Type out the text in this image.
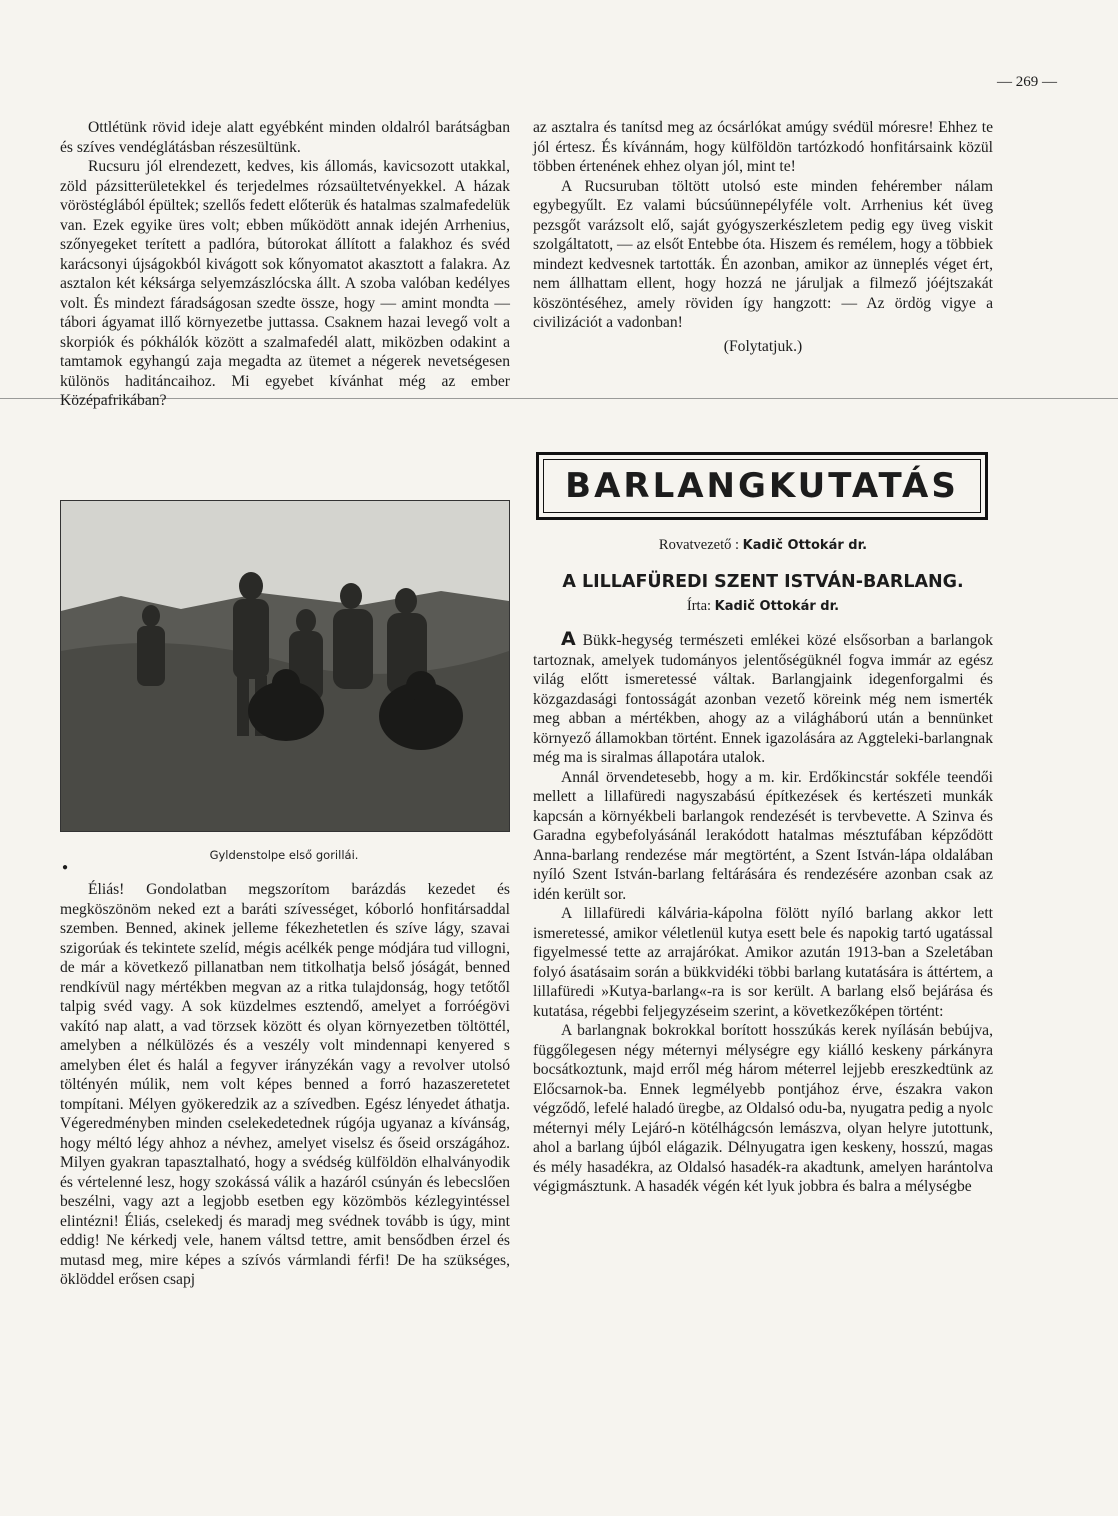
— 269 —

Ottlétünk rövid ideje alatt egyébként minden oldalról barátságban és szíves vendéglátásban részesültünk.

Rucsuru jól elrendezett, kedves, kis állomás, kavicsozott utakkal, zöld pázsitterületekkel és terjedelmes rózsaültetvényekkel. A házak vöröstéglából épültek; szellős fedett előterük és hatalmas szalmafedelük van. Ezek egyike üres volt; ebben működött annak idején Arrhenius, szőnyegeket terített a padlóra, bútorokat állított a falakhoz és svéd karácsonyi újságokból kivágott sok kőnyomatot akasztott a falakra. Az asztalon két kéksárga selyemzászlócska állt. A szoba valóban kedélyes volt. És mindezt fáradságosan szedte össze, hogy — amint mondta — tábori ágyamat illő környezetbe juttassa. Csaknem hazai levegő volt a skorpiók és pókhálók között a szalmafedél alatt, miközben odakint a tamtamok egyhangú zaja megadta az ütemet a négerek nevetségesen különös haditáncaihoz. Mi egyebet kívánhat még az ember Középafrikában?

Gyldenstolpe első gorillái.
●

Éliás! Gondolatban megszorítom barázdás kezedet és megköszönöm neked ezt a baráti szívességet, kóborló honfitársaddal szemben. Benned, akinek jelleme fékezhetetlen és szíve lágy, szavai szigorúak és tekintete szelíd, mégis acélkék penge módjára tud villogni, de már a következő pillanatban nem titkolhatja belső jóságát, benned rendkívül nagy mértékben megvan az a ritka tulajdonság, hogy tetőtől talpig svéd vagy. A sok küzdelmes esztendő, amelyet a forróégövi vakító nap alatt, a vad törzsek között és olyan környezetben töltöttél, amelyben a nélkülözés és a veszély volt mindennapi kenyered s amelyben élet és halál a fegyver irányzékán vagy a revolver utolsó töltényén múlik, nem volt képes benned a forró hazaszeretetet tompítani. Mélyen gyökeredzik az a szívedben. Egész lényedet áthatja. Végeredményben minden cselekedetednek rúgója ugyanaz a kívánság, hogy méltó légy ahhoz a névhez, amelyet viselsz és őseid országához. Milyen gyakran tapasztalható, hogy a svédség külföldön elhalványodik és vértelenné lesz, hogy szokássá válik a hazáról csúnyán és lebecslően beszélni, vagy azt a legjobb esetben egy közömbös kézlegyintéssel elintézni! Éliás, cselekedj és maradj meg svédnek tovább is úgy, mint eddig! Ne kérkedj vele, hanem váltsd tettre, amit bensődben érzel és mutasd meg, mire képes a szívós vármlandi férfi! De ha szükséges, öklöddel erősen csapj

az asztalra és tanítsd meg az ócsárlókat amúgy svédül móresre! Ehhez te jól értesz. És kívánnám, hogy külföldön tartózkodó honfitársaink közül többen értenének ehhez olyan jól, mint te!

A Rucsuruban töltött utolsó este minden fehérember nálam egybegyűlt. Ez valami búcsúünnepélyféle volt. Arrhenius két üveg pezsgőt varázsolt elő, saját gyógyszerkészletem pedig egy üveg viskit szolgáltatott, — az elsőt Entebbe óta. Hiszem és remélem, hogy a többiek mindezt kedvesnek tartották. Én azonban, amikor az ünneplés véget ért, nem állhattam ellent, hogy hozzá ne járuljak a filmező jóéjtszakát köszöntéséhez, amely röviden így hangzott: — Az ördög vigye a civilizációt a vadonban!

(Folytatjuk.)

BARLANGKUTATÁS
Rovatvezető : Kadič Ottokár dr.
A LILLAFÜREDI SZENT ISTVÁN-BARLANG.
Írta: Kadič Ottokár dr.

A Bükk-hegység természeti emlékei közé elsősorban a barlangok tartoznak, amelyek tudományos jelentőségüknél fogva immár az egész világ előtt ismeretessé váltak. Barlangjaink idegenforgalmi és közgazdasági fontosságát azonban vezető köreink még nem ismerték meg abban a mértékben, ahogy az a világháború után a bennünket környező államokban történt. Ennek igazolására az Aggteleki-barlangnak még ma is siralmas állapotára utalok.

Annál örvendetesebb, hogy a m. kir. Erdőkincstár sokféle teendői mellett a lillafüredi nagyszabású építkezések és kertészeti munkák kapcsán a környékbeli barlangok rendezését is tervbevette. A Szinva és Garadna egybefolyásánál lerakódott hatalmas mésztufában képződött Anna-barlang rendezése már megtörtént, a Szent István-lápa oldalában nyíló Szent István-barlang feltárására és rendezésére azonban csak az idén került sor.

A lillafüredi kálvária-kápolna fölött nyíló barlang akkor lett ismeretessé, amikor véletlenül kutya esett bele és napokig tartó ugatással figyelmessé tette az arrajárókat. Amikor azután 1913-ban a Szeletában folyó ásatásaim során a bükkvidéki többi barlang kutatására is áttértem, a lillafüredi »Kutya-barlang«-ra is sor került. A barlang első bejárása és kutatása, régebbi feljegyzéseim szerint, a következőképen történt:

A barlangnak bokrokkal borított hosszúkás kerek nyílásán bebújva, függőlegesen négy méternyi mélységre egy kiálló keskeny párkányra bocsátkoztunk, majd erről még három méterrel lejjebb ereszkedtünk az Előcsarnok-ba. Ennek legmélyebb pontjához érve, északra vakon végződő, lefelé haladó üregbe, az Oldalsó odu-ba, nyugatra pedig a nyolc méternyi mély Lejáró-n kötélhágcsón lemászva, olyan helyre jutottunk, ahol a barlang újból elágazik. Délnyugatra igen keskeny, hosszú, magas és mély hasadékra, az Oldalsó hasadék-ra akadtunk, amelyen harántolva végigmásztunk. A hasadék végén két lyuk jobbra és balra a mélységbe
